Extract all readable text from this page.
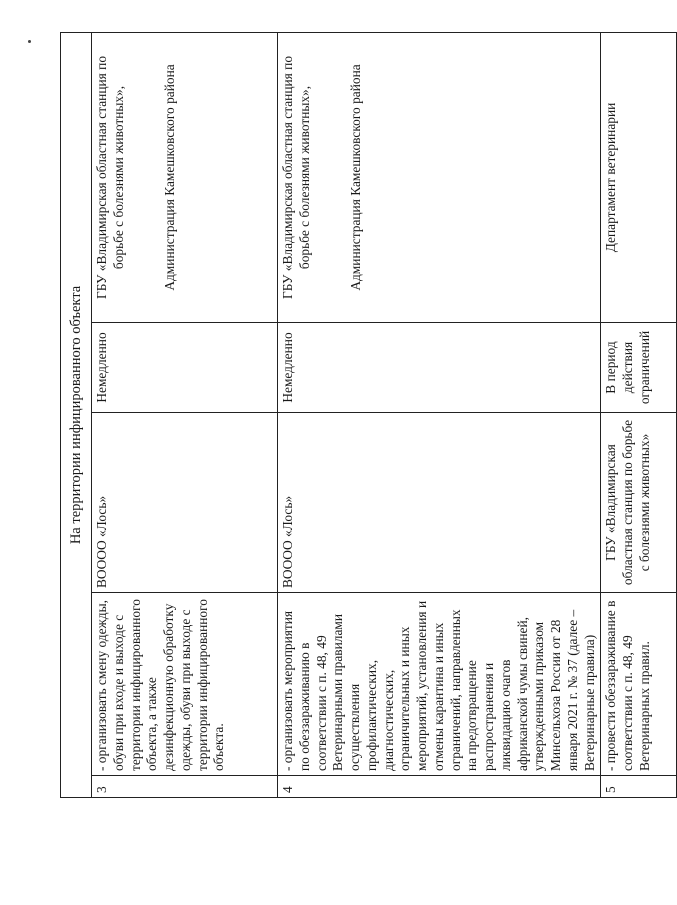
На территории инфицированного объекта				
3	- организовать смену одежды, обуви при входе и выходе с территории инфицированного объекта, а также дезинфекционную обработку одежды, обуви при выходе с территории инфицированного объекта.	ВОООО «Лось»	Немедленно	ГБУ «Владимирская областная станция по борьбе с болезнями животных», Администрация Камешковского района
4	- организовать мероприятия по обеззараживанию в соответствии с п. 48, 49 Ветеринарными правилами осуществления профилактических, диагностических, ограничительных и иных мероприятий, установления и отмены карантина и иных ограничений, направленных на предотвращение распространения и ликвидацию очагов африканской чумы свиней, утвержденными приказом Минсельхоза России от 28 января 2021 г. № 37 (далее – Ветеринарные правила)	ВОООО «Лось»	Немедленно	ГБУ «Владимирская областная станция по борьбе с болезнями животных», Администрация Камешковского района
5	- провести обеззараживание в соответствии с п. 48, 49 Ветеринарных правил.	ГБУ «Владимирская областная станция по борьбе с болезнями животных»	В период действия ограничений	Департамент ветеринарии
